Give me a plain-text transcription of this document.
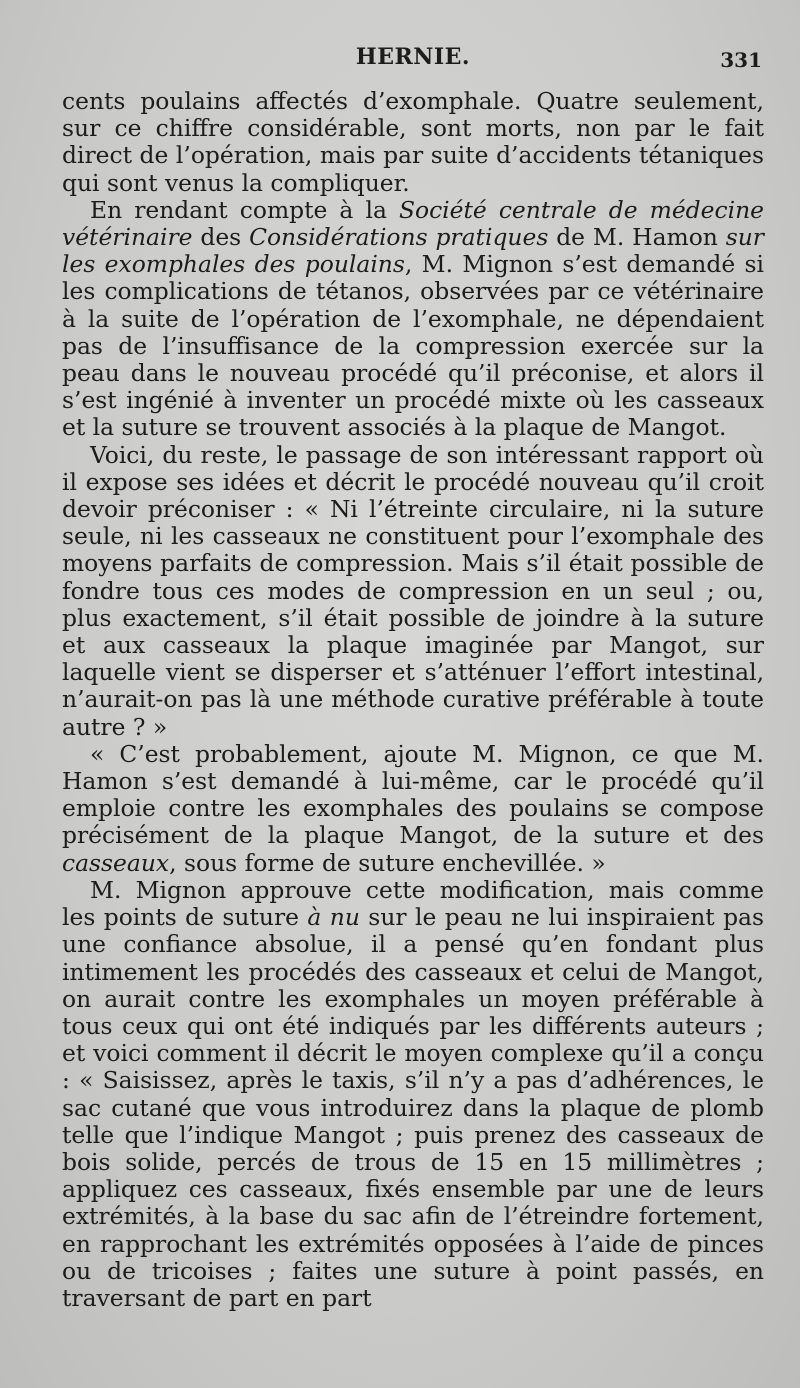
HERNIE.	331

cents poulains affectés d’exomphale. Quatre seulement, sur ce chiffre considérable, sont morts, non par le fait direct de l’opération, mais par suite d’accidents tétaniques qui sont venus la compliquer.

En rendant compte à la Société centrale de médecine vétérinaire des Considérations pratiques de M. Hamon sur les exomphales des poulains, M. Mignon s’est demandé si les complications de tétanos, observées par ce vétérinaire à la suite de l’opération de l’exomphale, ne dépendaient pas de l’insuffisance de la compression exercée sur la peau dans le nouveau procédé qu’il préconise, et alors il s’est ingénié à inventer un procédé mixte où les casseaux et la suture se trouvent associés à la plaque de Mangot.

Voici, du reste, le passage de son intéressant rapport où il expose ses idées et décrit le procédé nouveau qu’il croit devoir préconiser : « Ni l’étreinte circulaire, ni la suture seule, ni les casseaux ne constituent pour l’exomphale des moyens parfaits de compression. Mais s’il était possible de fondre tous ces modes de compression en un seul ; ou, plus exactement, s’il était possible de joindre à la suture et aux casseaux la plaque imaginée par Mangot, sur laquelle vient se disperser et s’atténuer l’effort intestinal, n’aurait-on pas là une méthode curative préférable à toute autre ? »

« C’est probablement, ajoute M. Mignon, ce que M. Hamon s’est demandé à lui-même, car le procédé qu’il emploie contre les exomphales des poulains se compose précisément de la plaque Mangot, de la suture et des casseaux, sous forme de suture enchevillée. »

M. Mignon approuve cette modification, mais comme les points de suture à nu sur le peau ne lui inspiraient pas une confiance absolue, il a pensé qu’en fondant plus intimement les procédés des casseaux et celui de Mangot, on aurait contre les exomphales un moyen préférable à tous ceux qui ont été indiqués par les différents auteurs ; et voici comment il décrit le moyen complexe qu’il a conçu : « Saisissez, après le taxis, s’il n’y a pas d’adhérences, le sac cutané que vous introduirez dans la plaque de plomb telle que l’indique Mangot ; puis prenez des casseaux de bois solide, percés de trous de 15 en 15 millimètres ; appliquez ces casseaux, fixés ensemble par une de leurs extrémités, à la base du sac afin de l’étreindre fortement, en rapprochant les extrémités opposées à l’aide de pinces ou de tricoises ; faites une suture à point passés, en traversant de part en part
